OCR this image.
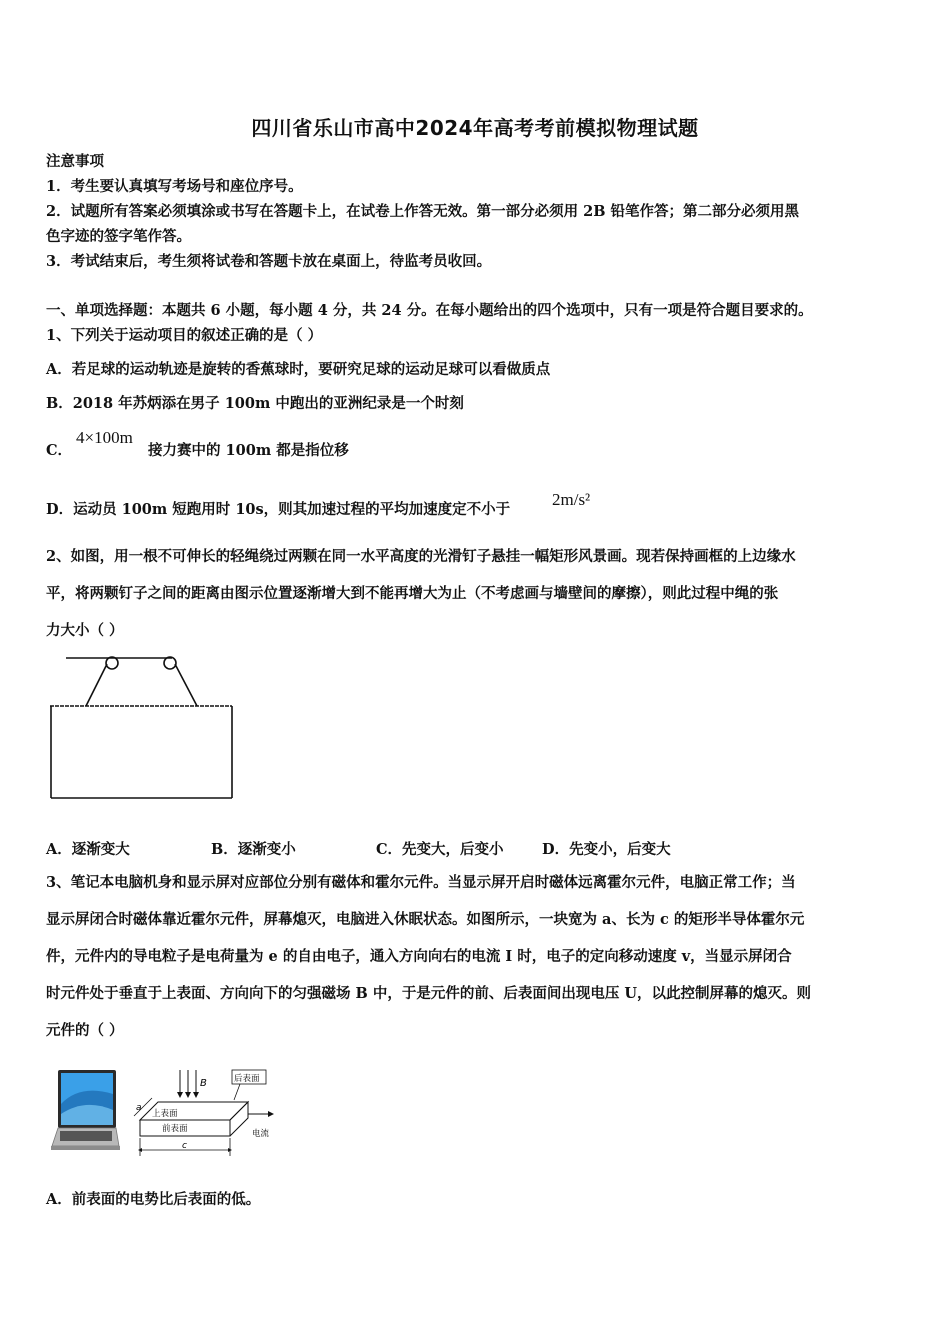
四川省乐山市高中2024年高考考前模拟物理试题
注意事项
1．考生要认真填写考场号和座位序号。
2．试题所有答案必须填涂或书写在答题卡上，在试卷上作答无效。第一部分必须用 2B 铅笔作答；第二部分必须用黑
色字迹的签字笔作答。
3．考试结束后，考生须将试卷和答题卡放在桌面上，待监考员收回。
一、单项选择题：本题共 6 小题，每小题 4 分，共 24 分。在每小题给出的四个选项中，只有一项是符合题目要求的。
1、下列关于运动项目的叙述正确的是（ ）
A．若足球的运动轨迹是旋转的香蕉球时，要研究足球的运动足球可以看做质点
B．2018 年苏炳添在男子 100m 中跑出的亚洲纪录是一个时刻
C．
4×100m
接力赛中的 100m 都是指位移
D．运动员 100m 短跑用时 10s，则其加速过程的平均加速度定不小于
2m/s²
2、如图，用一根不可伸长的轻绳绕过两颗在同一水平高度的光滑钉子悬挂一幅矩形风景画。现若保持画框的上边缘水
平，将两颗钉子之间的距离由图示位置逐渐增大到不能再增大为止（不考虑画与墙壁间的摩擦），则此过程中绳的张
力大小（ ）
A．逐渐变大	B．逐渐变小	C．先变大，后变小	D．先变小，后变大
3、笔记本电脑机身和显示屏对应部位分别有磁体和霍尔元件。当显示屏开启时磁体远离霍尔元件，电脑正常工作；当
显示屏闭合时磁体靠近霍尔元件，屏幕熄灭，电脑进入休眠状态。如图所示，一块宽为 a、长为 c 的矩形半导体霍尔元
件，元件内的导电粒子是电荷量为 e 的自由电子，通入方向向右的电流 I 时，电子的定向移动速度 v，当显示屏闭合
时元件处于垂直于上表面、方向向下的匀强磁场 B 中，于是元件的前、后表面间出现电压 U，以此控制屏幕的熄灭。则
元件的（ ）
B	后表面
上表面
前表面
a
电流
c
A．前表面的电势比后表面的低。
